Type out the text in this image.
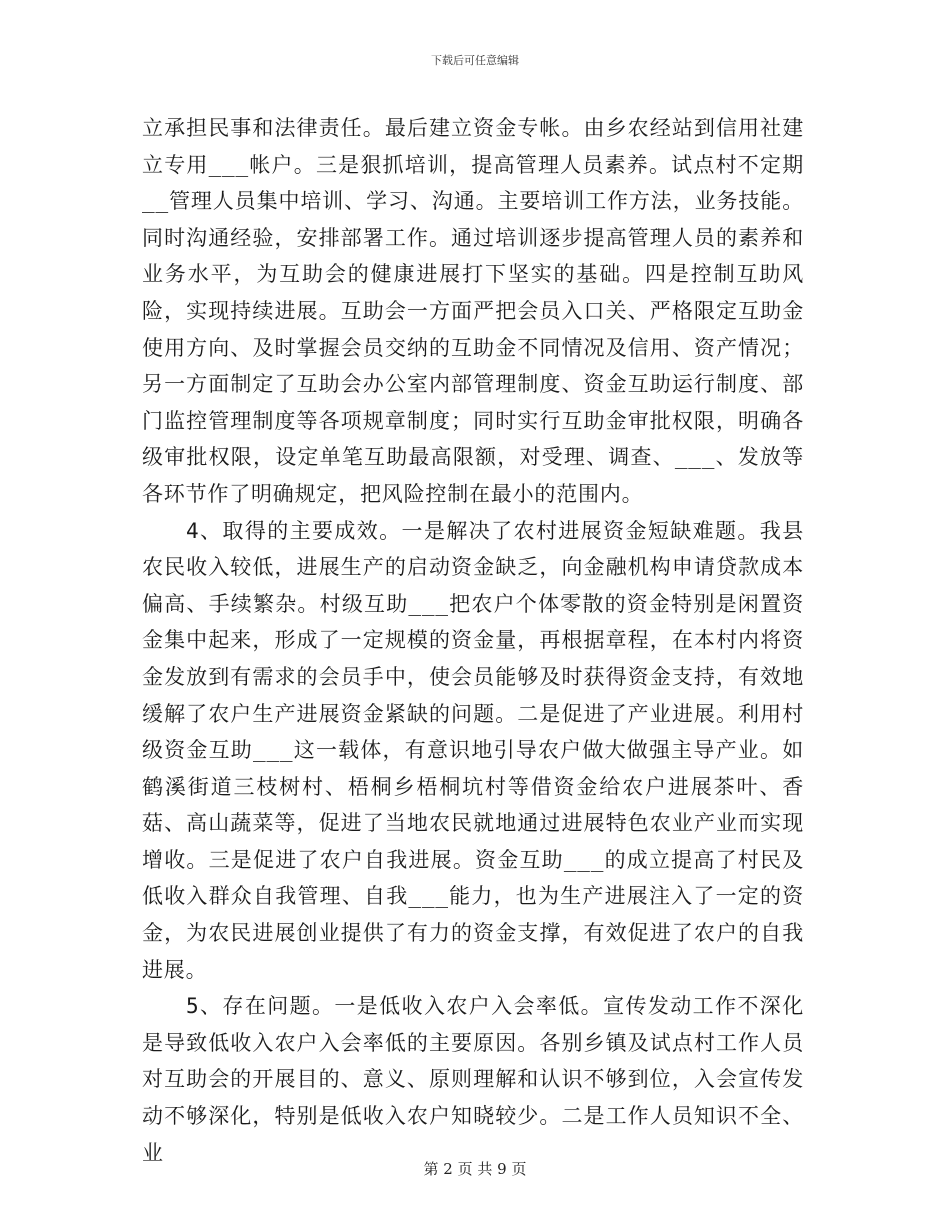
下载后可任意编辑

立承担民事和法律责任。最后建立资金专帐。由乡农经站到信用社建立专用___帐户。三是狠抓培训，提高管理人员素养。试点村不定期__管理人员集中培训、学习、沟通。主要培训工作方法，业务技能。同时沟通经验，安排部署工作。通过培训逐步提高管理人员的素养和业务水平，为互助会的健康进展打下坚实的基础。四是控制互助风险，实现持续进展。互助会一方面严把会员入口关、严格限定互助金使用方向、及时掌握会员交纳的互助金不同情况及信用、资产情况；另一方面制定了互助会办公室内部管理制度、资金互助运行制度、部门监控管理制度等各项规章制度；同时实行互助金审批权限，明确各级审批权限，设定单笔互助最高限额，对受理、调查、___、发放等各环节作了明确规定，把风险控制在最小的范围内。

4、取得的主要成效。一是解决了农村进展资金短缺难题。我县农民收入较低，进展生产的启动资金缺乏，向金融机构申请贷款成本偏高、手续繁杂。村级互助___把农户个体零散的资金特别是闲置资金集中起来，形成了一定规模的资金量，再根据章程，在本村内将资金发放到有需求的会员手中，使会员能够及时获得资金支持，有效地缓解了农户生产进展资金紧缺的问题。二是促进了产业进展。利用村级资金互助___这一载体，有意识地引导农户做大做强主导产业。如鹤溪街道三枝树村、梧桐乡梧桐坑村等借资金给农户进展茶叶、香菇、高山蔬菜等，促进了当地农民就地通过进展特色农业产业而实现增收。三是促进了农户自我进展。资金互助___的成立提高了村民及低收入群众自我管理、自我___能力，也为生产进展注入了一定的资金，为农民进展创业提供了有力的资金支撑，有效促进了农户的自我进展。

5、存在问题。一是低收入农户入会率低。宣传发动工作不深化是导致低收入农户入会率低的主要原因。各别乡镇及试点村工作人员对互助会的开展目的、意义、原则理解和认识不够到位，入会宣传发动不够深化，特别是低收入农户知晓较少。二是工作人员知识不全、业

第 2 页 共 9 页
